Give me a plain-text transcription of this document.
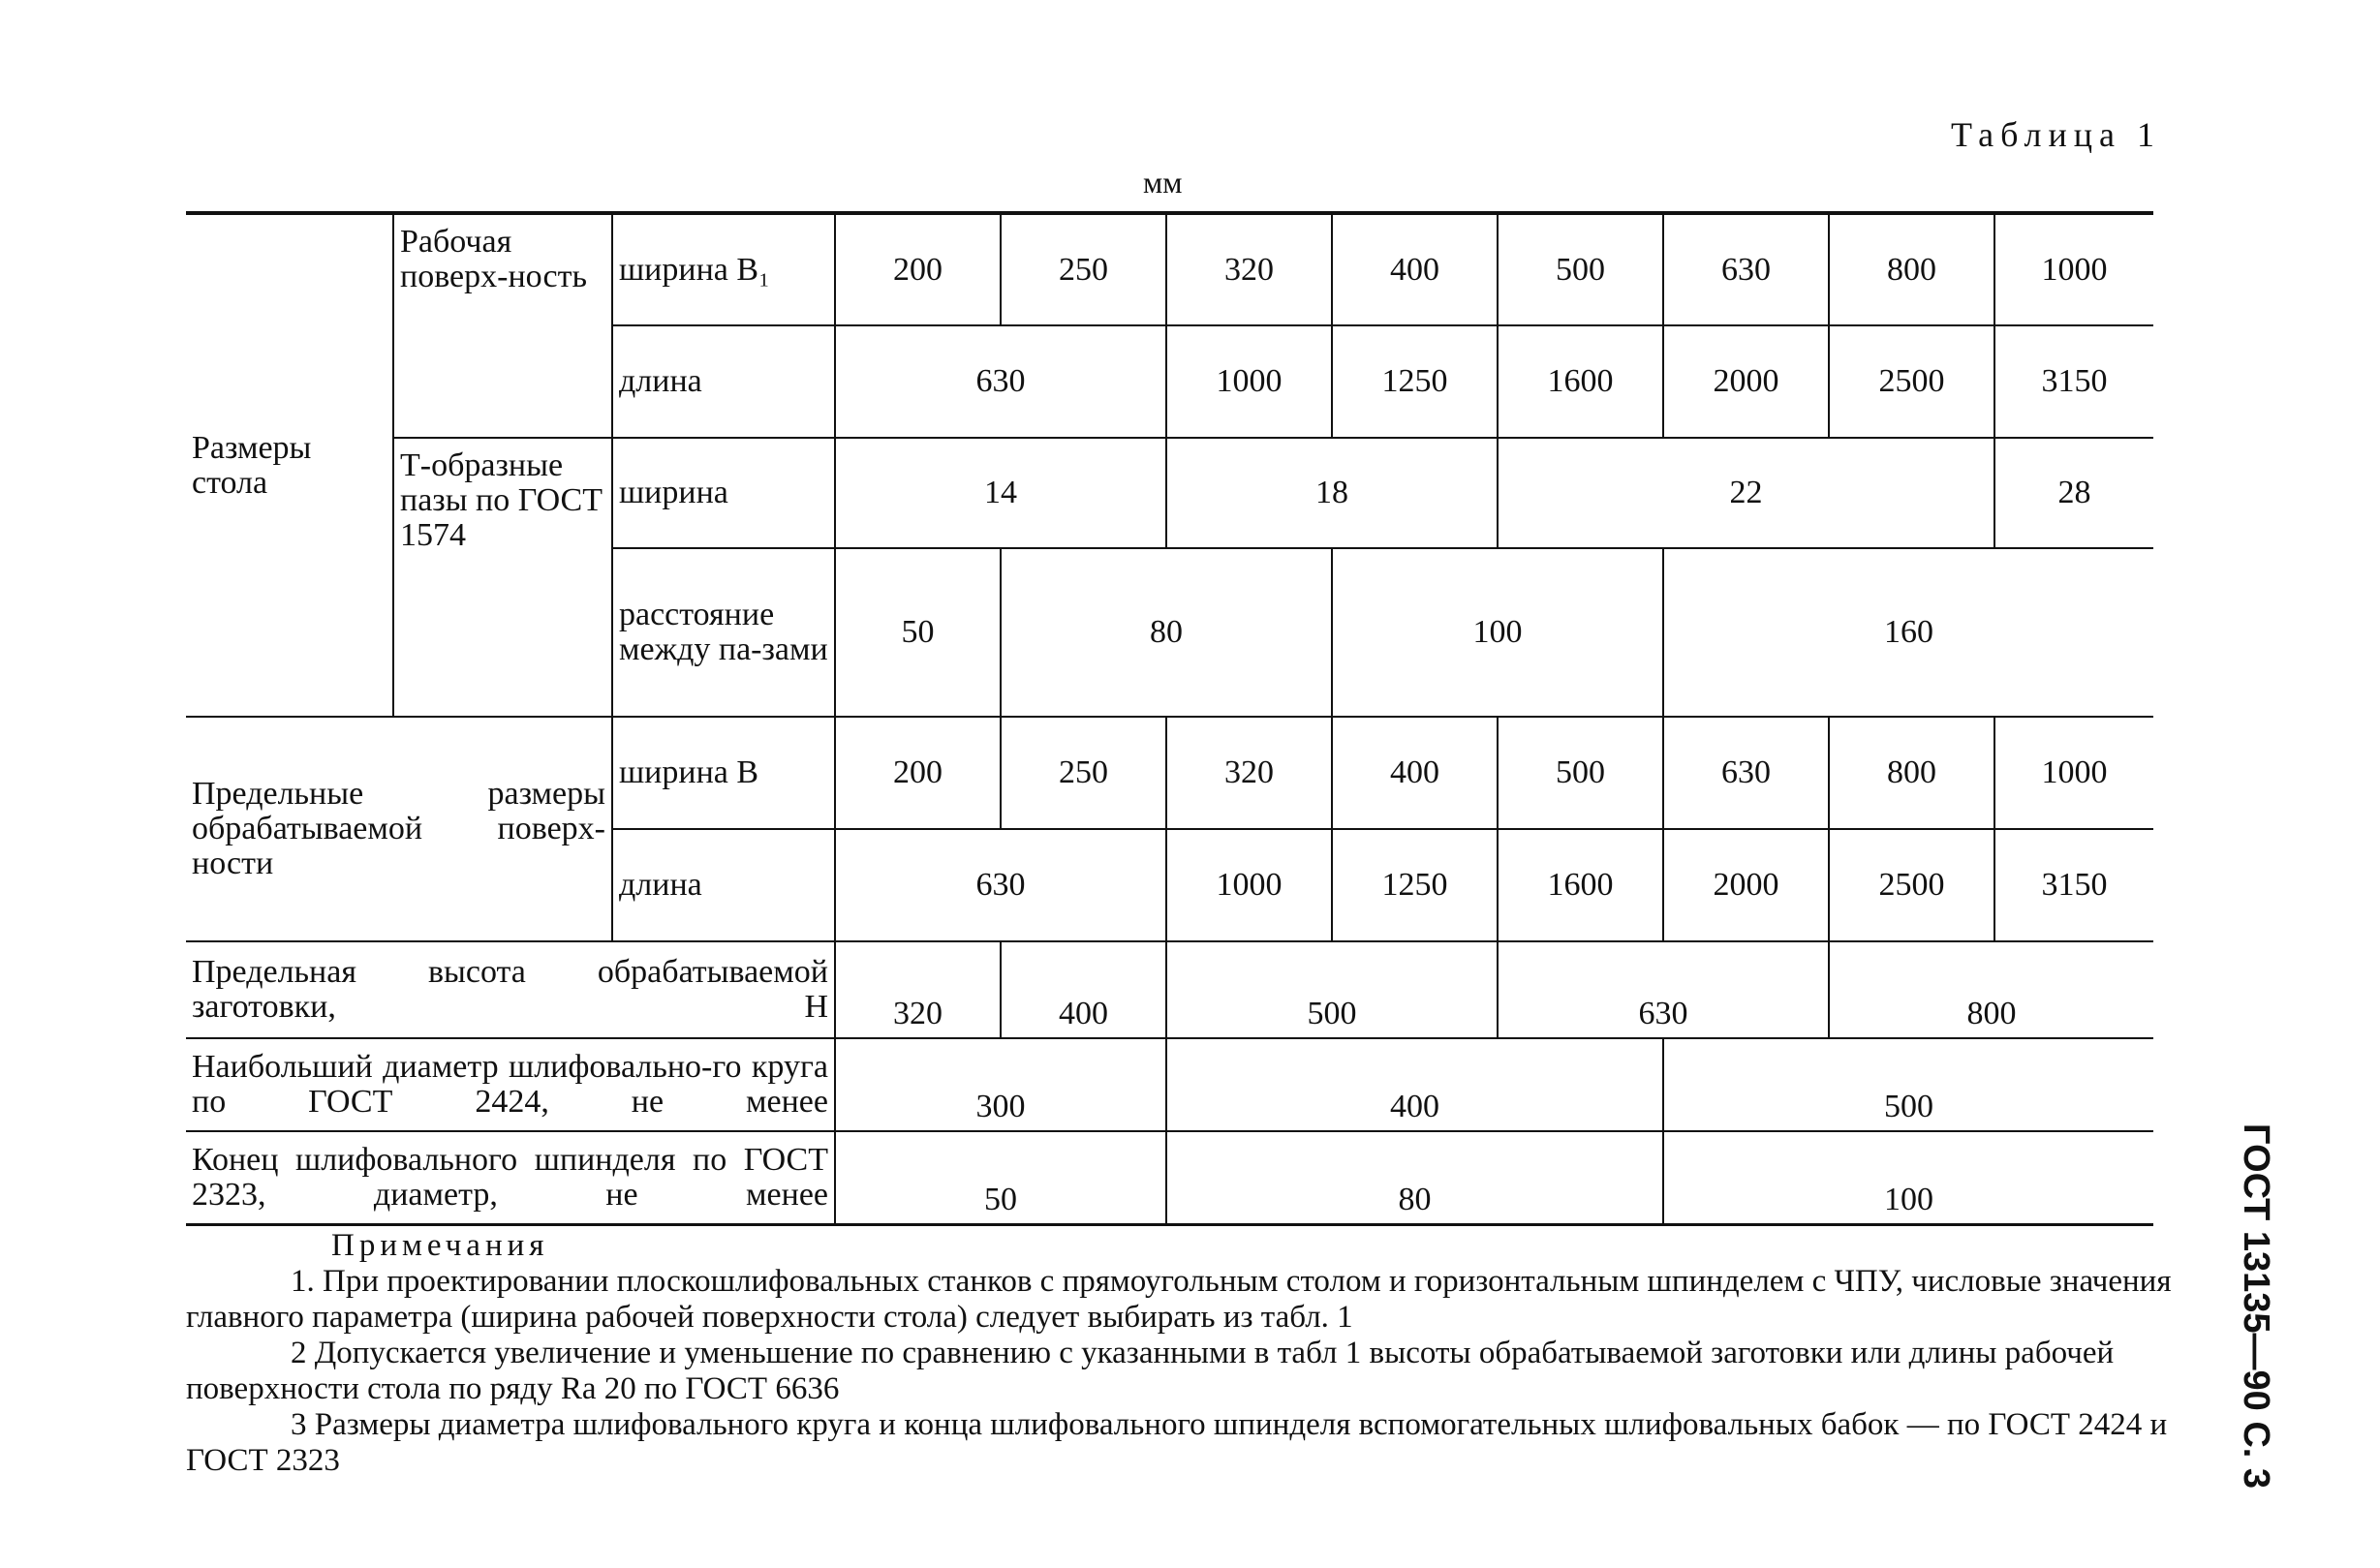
Таблица 1
мм
ГОСТ 13135—90 С. 3
Размеры стола	Рабочая поверх-ность	ширина B₁	200	250	320	400	500	630	800	1000
		длина	630		1000	1250	1600	2000	2500	3150
	Т-образные пазы по ГОСТ 1574	ширина	14		18		22			28
		расстояние между па-зами	50	80		100		160		

Предельные размеры обрабатываемой поверх-ности		ширина B	200	250	320	400	500	630	800	1000
		длина	630		1000	1250	1600	2000	2500	3150

Предельная высота обрабатываемой заготовки, H			320	400	500		630		800	

Наибольший диаметр шлифовально-го круга по ГОСТ 2424, не менее			300		400			500		

Конец шлифовального шпинделя по ГОСТ 2323, диаметр, не менее			50		80			100		
Примечания

1. При проектировании плоскошлифовальных станков с прямоугольным столом и горизонтальным шпинделем с ЧПУ, числовые значения главного параметра (ширина рабочей поверхности стола) следует выбирать из табл. 1

2 Допускается увеличение и уменьшение по сравнению с указанными в табл 1 высоты обрабатываемой заготовки или длины рабочей поверхности стола по ряду Ra 20 по ГОСТ 6636

3 Размеры диаметра шлифовального круга и конца шлифовального шпинделя вспомогательных шлифовальных бабок — по ГОСТ 2424 и ГОСТ 2323
